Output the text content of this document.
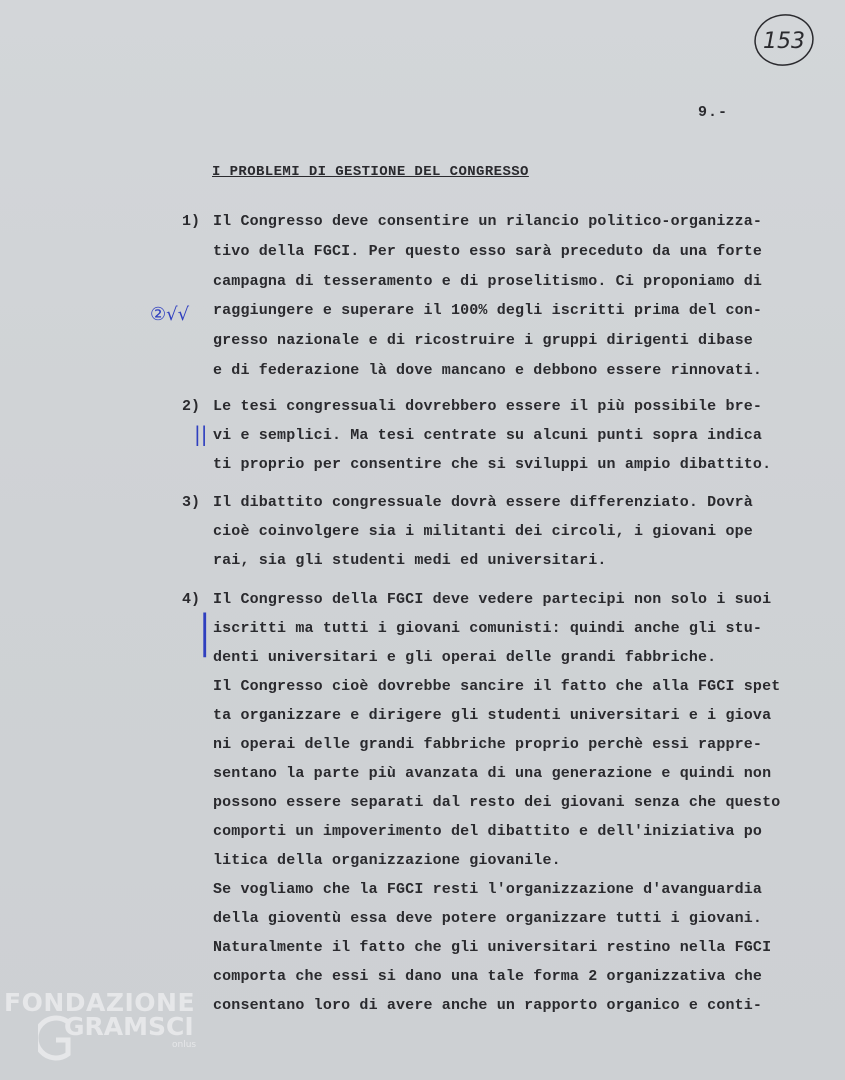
153
9.-
I PROBLEMI DI GESTIONE DEL CONGRESSO
1) Il Congresso deve consentire un rilancio politico-organizza-
tivo della FGCI. Per questo esso sarà preceduto da una forte
campagna di tesseramento e di proselitismo. Ci proponiamo di
raggiungere e superare il 100% degli iscritti prima del con-
gresso nazionale e di ricostruire i gruppi dirigenti dibase
e di federazione là dove mancano e debbono essere rinnovati.
2) Le tesi congressuali dovrebbero essere il più possibile bre-
vi e semplici. Ma tesi centrate su alcuni punti sopra indica
ti proprio per consentire che si sviluppi un ampio dibattito.
3) Il dibattito congressuale dovrà essere differenziato. Dovrà
cioè coinvolgere sia i militanti dei circoli, i giovani ope
rai, sia gli studenti medi ed universitari.
4) Il Congresso della FGCI deve vedere partecipi non solo i suoi
iscritti ma tutti i giovani comunisti: quindi anche gli stu-
denti universitari e gli operai delle grandi fabbriche.
Il Congresso cioè dovrebbe sancire il fatto che alla FGCI spet
ta organizzare e dirigere gli studenti universitari e i giova
ni operai delle grandi fabbriche proprio perchè essi rappre-
sentano la parte più avanzata di una generazione e quindi non
possono essere separati dal resto dei giovani senza che questo
comporti un impoverimento del dibattito e dell'iniziativa po
litica della organizzazione giovanile.
Se vogliamo che la FGCI resti l'organizzazione d'avanguardia
della gioventù essa deve potere organizzare tutti i giovani.
Naturalmente il fatto che gli universitari restino nella FGCI
comporta che essi si dano una tale forma 2 organizzativa che
consentano loro di avere anche un rapporto organico e conti-
②√√
||
|
FONDAZIONE
GRAMSCI
onlus
